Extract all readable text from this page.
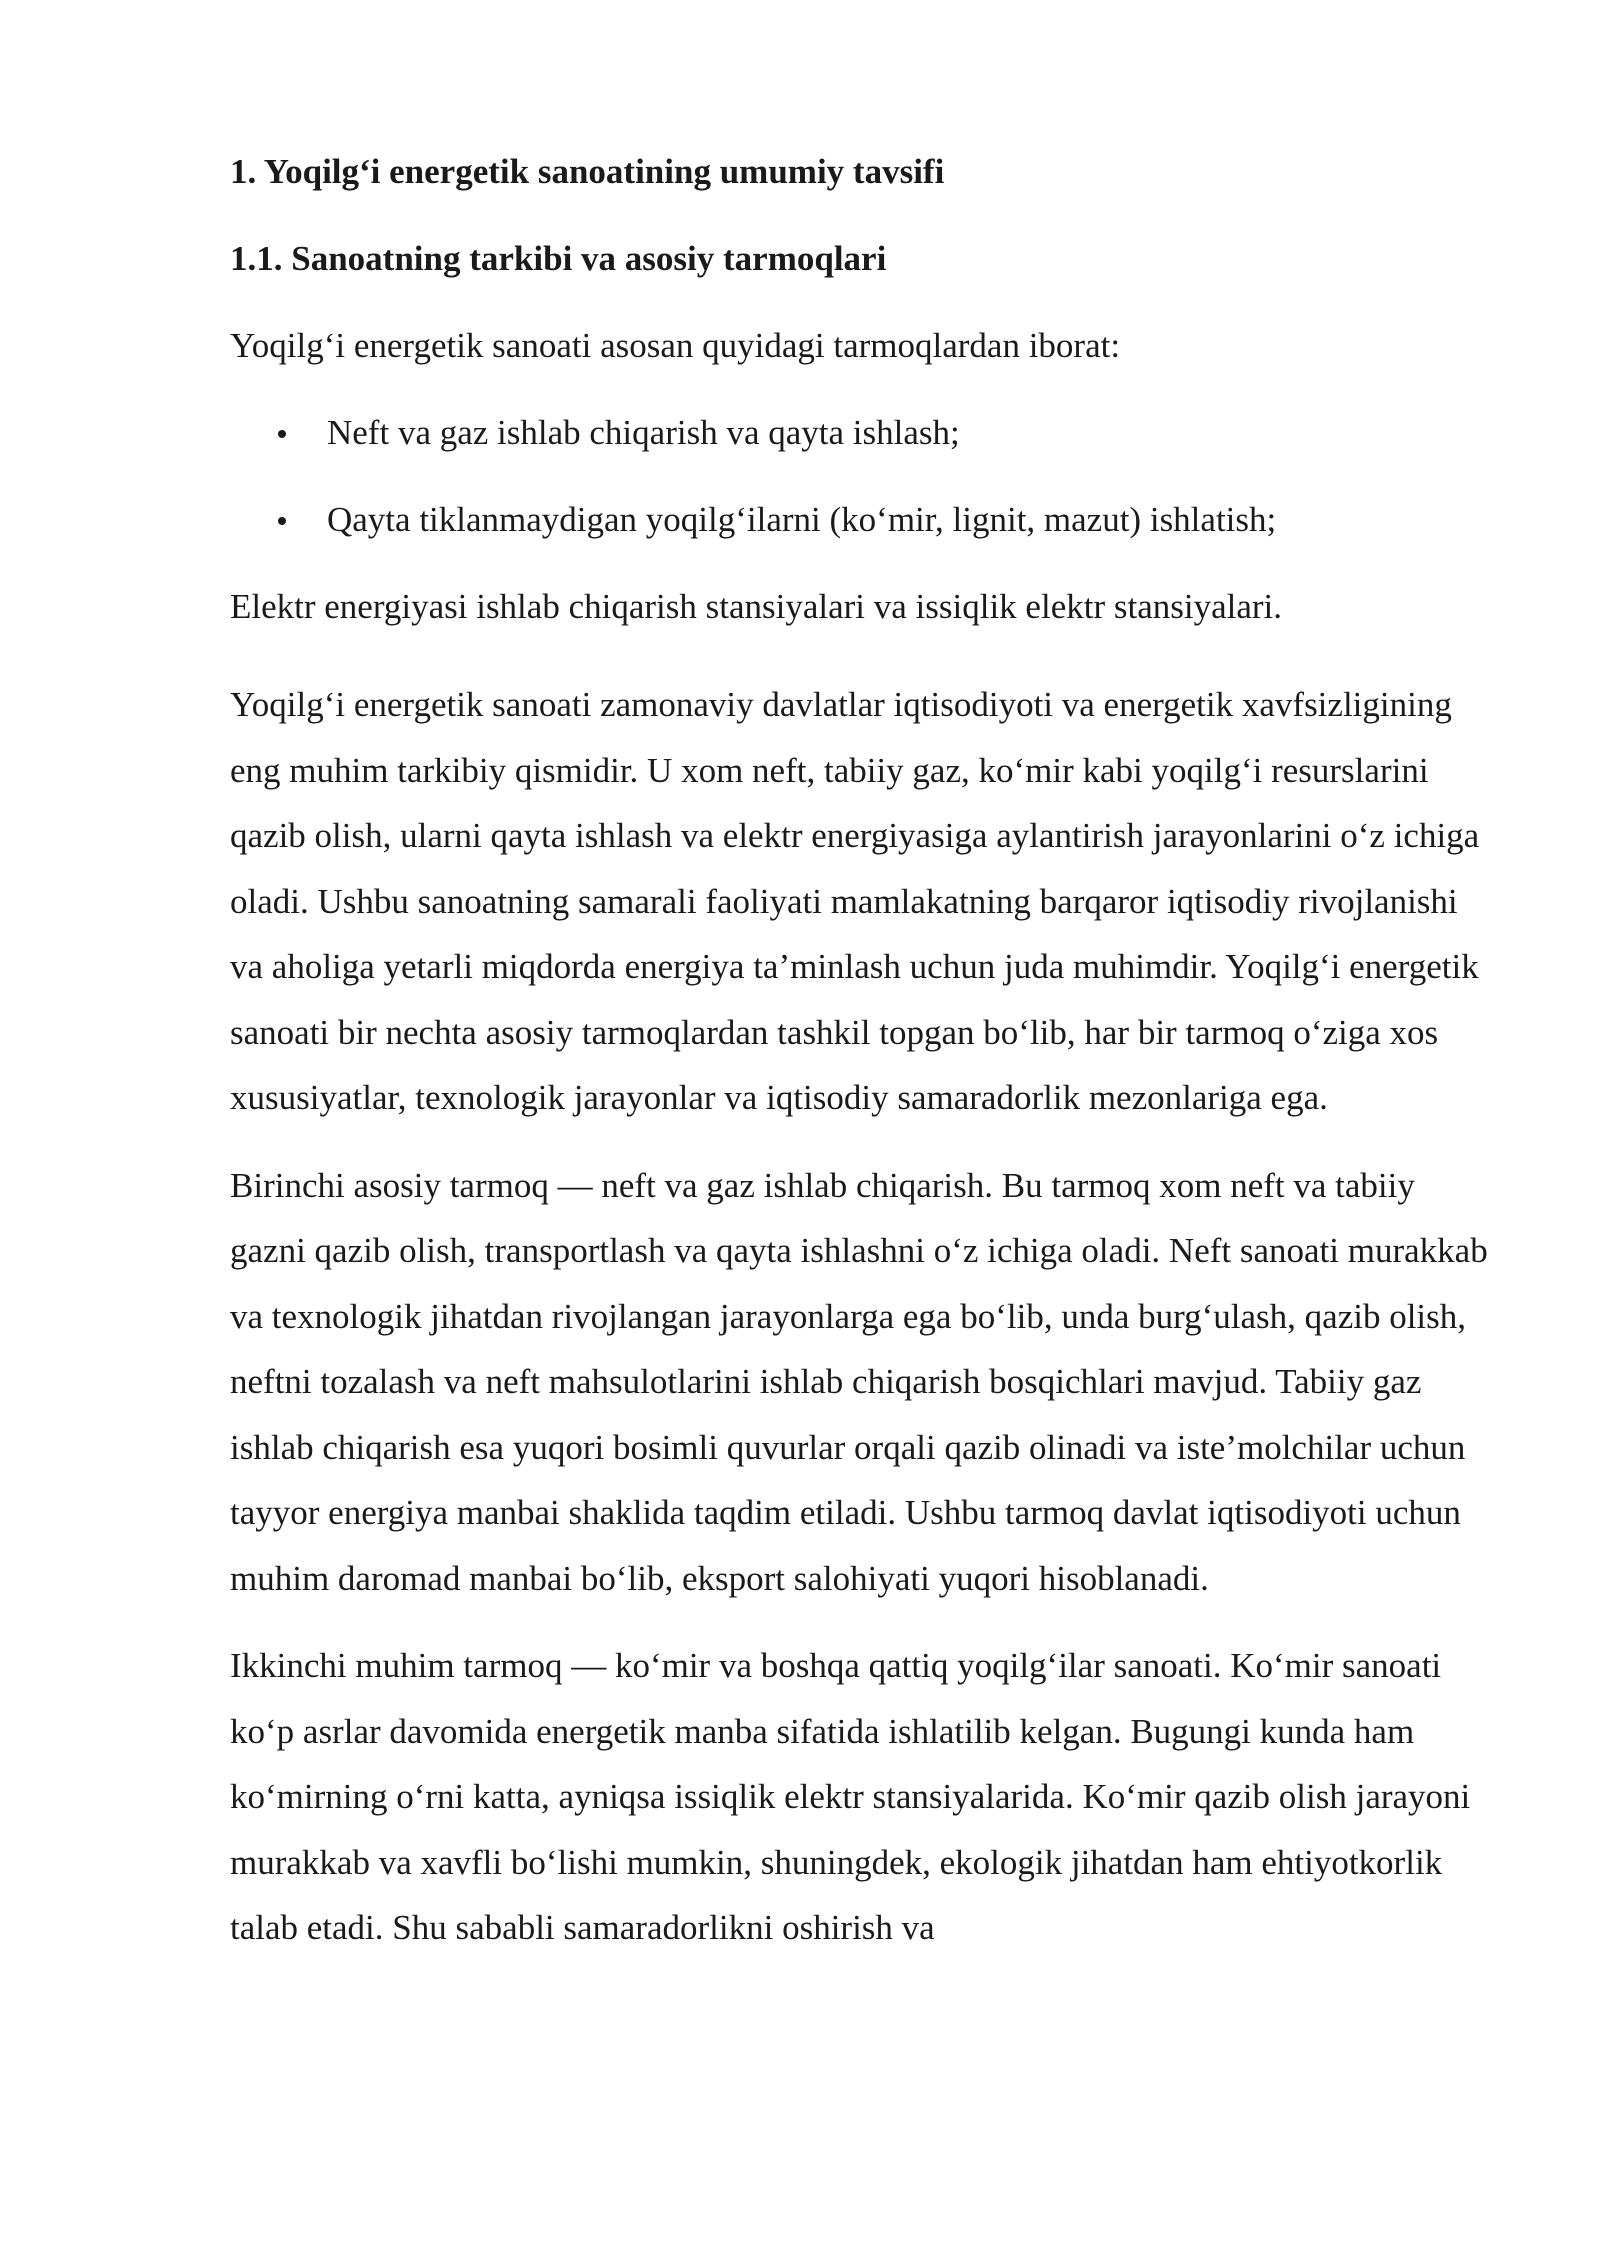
1. Yoqilg‘i energetik sanoatining umumiy tavsifi
1.1. Sanoatning tarkibi va asosiy tarmoqlari

Yoqilg‘i energetik sanoati asosan quyidagi tarmoqlardan iborat:

Neft va gaz ishlab chiqarish va qayta ishlash;
Qayta tiklanmaydigan yoqilg‘ilarni (ko‘mir, lignit, mazut) ishlatish;

Elektr energiyasi ishlab chiqarish stansiyalari va issiqlik elektr stansiyalari.

Yoqilg‘i energetik sanoati zamonaviy davlatlar iqtisodiyoti va energetik xavfsizligining eng muhim tarkibiy qismidir. U xom neft, tabiiy gaz, ko‘mir kabi yoqilg‘i resurslarini qazib olish, ularni qayta ishlash va elektr energiyasiga aylantirish jarayonlarini o‘z ichiga oladi. Ushbu sanoatning samarali faoliyati mamlakatning barqaror iqtisodiy rivojlanishi va aholiga yetarli miqdorda energiya ta’minlash uchun juda muhimdir. Yoqilg‘i energetik sanoati bir nechta asosiy tarmoqlardan tashkil topgan bo‘lib, har bir tarmoq o‘ziga xos xususiyatlar, texnologik jarayonlar va iqtisodiy samaradorlik mezonlariga ega.

Birinchi asosiy tarmoq — neft va gaz ishlab chiqarish. Bu tarmoq xom neft va tabiiy gazni qazib olish, transportlash va qayta ishlashni o‘z ichiga oladi. Neft sanoati murakkab va texnologik jihatdan rivojlangan jarayonlarga ega bo‘lib, unda burg‘ulash, qazib olish, neftni tozalash va neft mahsulotlarini ishlab chiqarish bosqichlari mavjud. Tabiiy gaz ishlab chiqarish esa yuqori bosimli quvurlar orqali qazib olinadi va iste’molchilar uchun tayyor energiya manbai shaklida taqdim etiladi. Ushbu tarmoq davlat iqtisodiyoti uchun muhim daromad manbai bo‘lib, eksport salohiyati yuqori hisoblanadi.

Ikkinchi muhim tarmoq — ko‘mir va boshqa qattiq yoqilg‘ilar sanoati. Ko‘mir sanoati ko‘p asrlar davomida energetik manba sifatida ishlatilib kelgan. Bugungi kunda ham ko‘mirning o‘rni katta, ayniqsa issiqlik elektr stansiyalarida. Ko‘mir qazib olish jarayoni murakkab va xavfli bo‘lishi mumkin, shuningdek, ekologik jihatdan ham ehtiyotkorlik talab etadi. Shu sababli samaradorlikni oshirish va
